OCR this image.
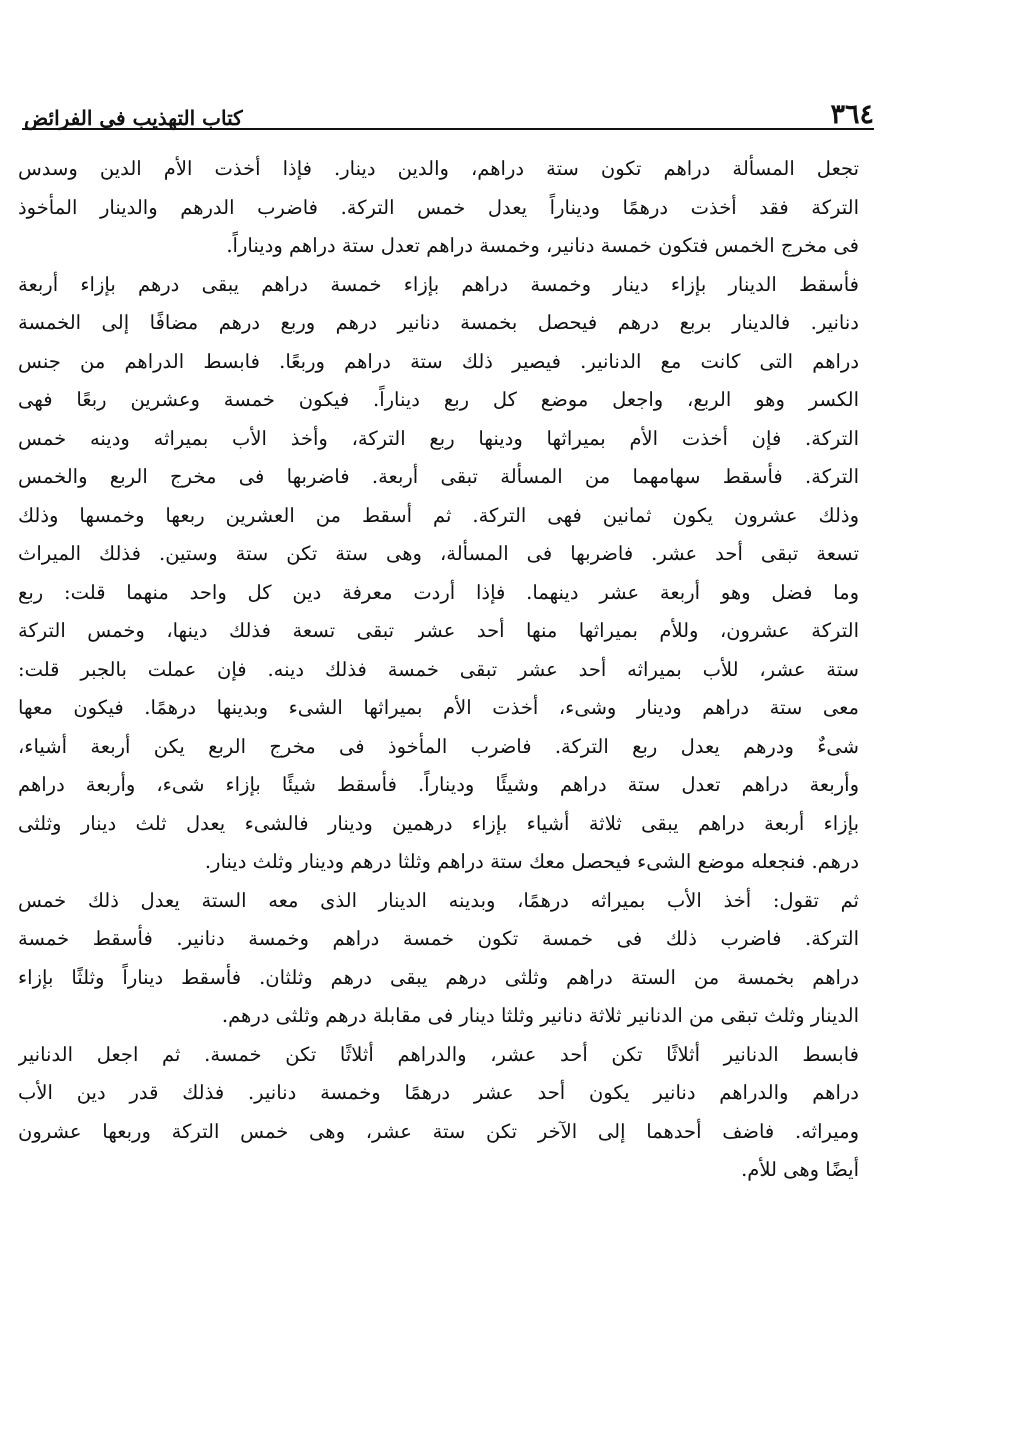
٣٦٤
كتاب التهذيب فى الفرائض
تجعل المسألة دراهم تكون ستة دراهم، والدين دينار. فإذا أخذت الأم الدين وسدس
التركة فقد أخذت درهمًا وديناراً يعدل خمس التركة. فاضرب الدرهم والدينار المأخوذ
فى مخرج الخمس فتكون خمسة دنانير، وخمسة دراهم تعدل ستة دراهم وديناراً.
فأسقط الدينار بإزاء دينار وخمسة دراهم بإزاء خمسة دراهم يبقى درهم بإزاء أربعة
دنانير. فالدينار بربع درهم فيحصل بخمسة دنانير درهم وربع درهم مضافًا إلى الخمسة
دراهم التى كانت مع الدنانير. فيصير ذلك ستة دراهم وربعًا. فابسط الدراهم من جنس
الكسر وهو الربع، واجعل موضع كل ربع ديناراً. فيكون خمسة وعشرين ربعًا فهى
التركة. فإن أخذت الأم بميراثها ودينها ربع التركة، وأخذ الأب بميراثه ودينه خمس
التركة. فأسقط سهامهما من المسألة تبقى أربعة. فاضربها فى مخرج الربع والخمس
وذلك عشرون يكون ثمانين فهى التركة. ثم أسقط من العشرين ربعها وخمسها وذلك
تسعة تبقى أحد عشر. فاضربها فى المسألة، وهى ستة تكن ستة وستين. فذلك الميراث
وما فضل وهو أربعة عشر دينهما. فإذا أردت معرفة دين كل واحد منهما قلت: ربع
التركة عشرون، وللأم بميراثها منها أحد عشر تبقى تسعة فذلك دينها، وخمس التركة
ستة عشر، للأب بميراثه أحد عشر تبقى خمسة فذلك دينه. فإن عملت بالجبر قلت:
معى ستة دراهم ودينار وشىء، أخذت الأم بميراثها الشىء وبدينها درهمًا. فيكون معها
شىءٌ ودرهم يعدل ربع التركة. فاضرب المأخوذ فى مخرج الربع يكن أربعة أشياء،
وأربعة دراهم تعدل ستة دراهم وشيئًا وديناراً. فأسقط شيئًا بإزاء شىء، وأربعة دراهم
بإزاء أربعة دراهم يبقى ثلاثة أشياء بإزاء درهمين ودينار فالشىء يعدل ثلث دينار وثلثى
درهم. فنجعله موضع الشىء فيحصل معك ستة دراهم وثلثا درهم ودينار وثلث دينار.
ثم تقول: أخذ الأب بميراثه درهمًا، وبدينه الدينار الذى معه الستة يعدل ذلك خمس
التركة. فاضرب ذلك فى خمسة تكون خمسة دراهم وخمسة دنانير. فأسقط خمسة
دراهم بخمسة من الستة دراهم وثلثى درهم يبقى درهم وثلثان. فأسقط ديناراً وثلثًا بإزاء
الدينار وثلث تبقى من الدنانير ثلاثة دنانير وثلثا دينار فى مقابلة درهم وثلثى درهم.
فابسط الدنانير أثلاثًا تكن أحد عشر، والدراهم أثلاثًا تكن خمسة. ثم اجعل الدنانير
دراهم والدراهم دنانير يكون أحد عشر درهمًا وخمسة دنانير. فذلك قدر دين الأب
وميراثه. فاضف أحدهما إلى الآخر تكن ستة عشر، وهى خمس التركة وربعها عشرون
أيضًا وهى للأم.
